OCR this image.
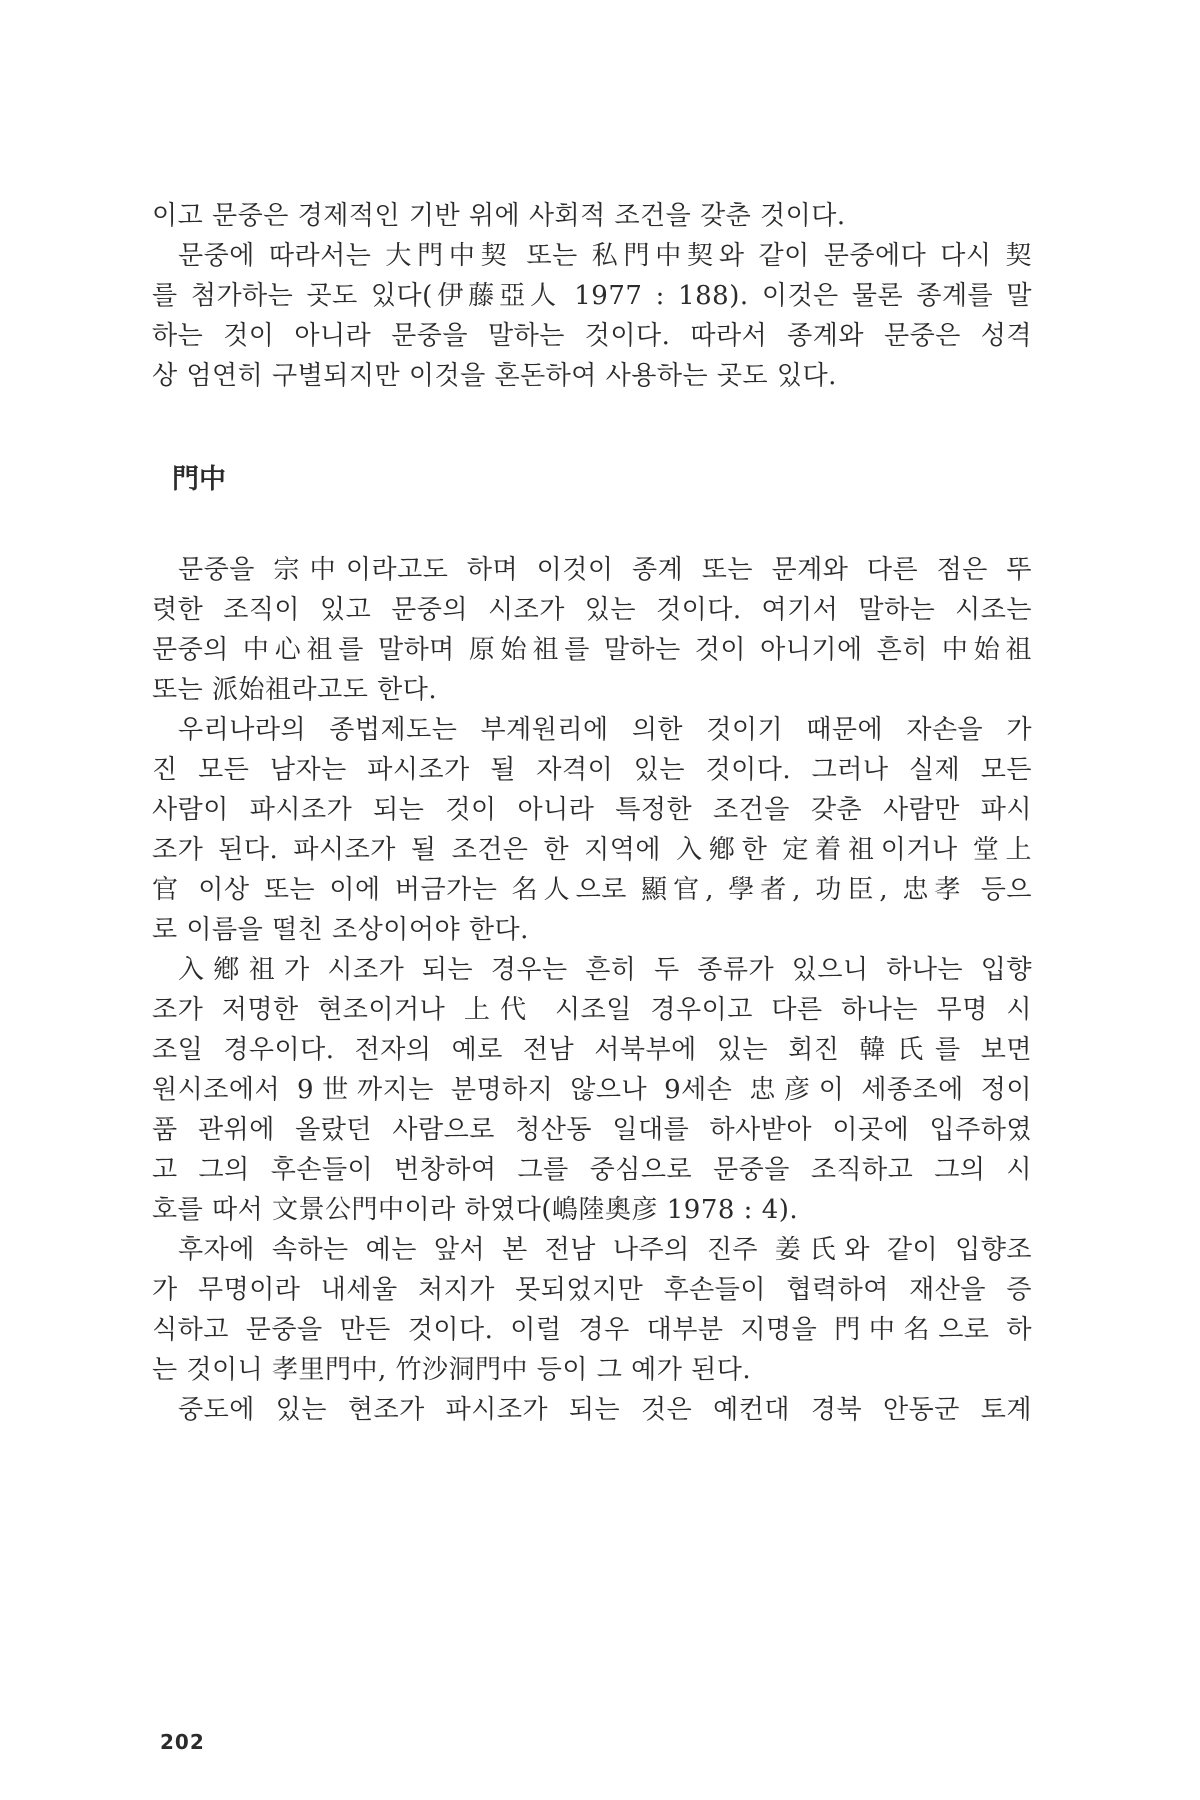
이고 문중은 경제적인 기반 위에 사회적 조건을 갖춘 것이다.
문중에 따라서는 大門中契 또는 私門中契와 같이 문중에다 다시 契
를 첨가하는 곳도 있다(伊藤亞人 1977 : 188). 이것은 물론 종계를 말
하는 것이 아니라 문중을 말하는 것이다. 따라서 종계와 문중은 성격
상 엄연히 구별되지만 이것을 혼돈하여 사용하는 곳도 있다.
門中
문중을 宗中이라고도 하며 이것이 종계 또는 문계와 다른 점은 뚜
렷한 조직이 있고 문중의 시조가 있는 것이다. 여기서 말하는 시조는
문중의 中心祖를 말하며 原始祖를 말하는 것이 아니기에 흔히 中始祖
또는 派始祖라고도 한다.
우리나라의 종법제도는 부계원리에 의한 것이기 때문에 자손을 가
진 모든 남자는 파시조가 될 자격이 있는 것이다. 그러나 실제 모든
사람이 파시조가 되는 것이 아니라 특정한 조건을 갖춘 사람만 파시
조가 된다. 파시조가 될 조건은 한 지역에 入鄕한 定着祖이거나 堂上
官 이상 또는 이에 버금가는 名人으로 顯官, 學者, 功臣, 忠孝 등으
로 이름을 떨친 조상이어야 한다.
入鄕祖가 시조가 되는 경우는 흔히 두 종류가 있으니 하나는 입향
조가 저명한 현조이거나 上代 시조일 경우이고 다른 하나는 무명 시
조일 경우이다. 전자의 예로 전남 서북부에 있는 회진 韓氏를 보면
원시조에서 9世까지는 분명하지 않으나 9세손 忠彦이 세종조에 정이
품 관위에 올랐던 사람으로 청산동 일대를 하사받아 이곳에 입주하였
고 그의 후손들이 번창하여 그를 중심으로 문중을 조직하고 그의 시
호를 따서 文景公門中이라 하였다(嶋陸奧彦 1978 : 4).
후자에 속하는 예는 앞서 본 전남 나주의 진주 姜氏와 같이 입향조
가 무명이라 내세울 처지가 못되었지만 후손들이 협력하여 재산을 증
식하고 문중을 만든 것이다. 이럴 경우 대부분 지명을 門中名으로 하
는 것이니 孝里門中, 竹沙洞門中 등이 그 예가 된다.
중도에 있는 현조가 파시조가 되는 것은 예컨대 경북 안동군 토계
202
